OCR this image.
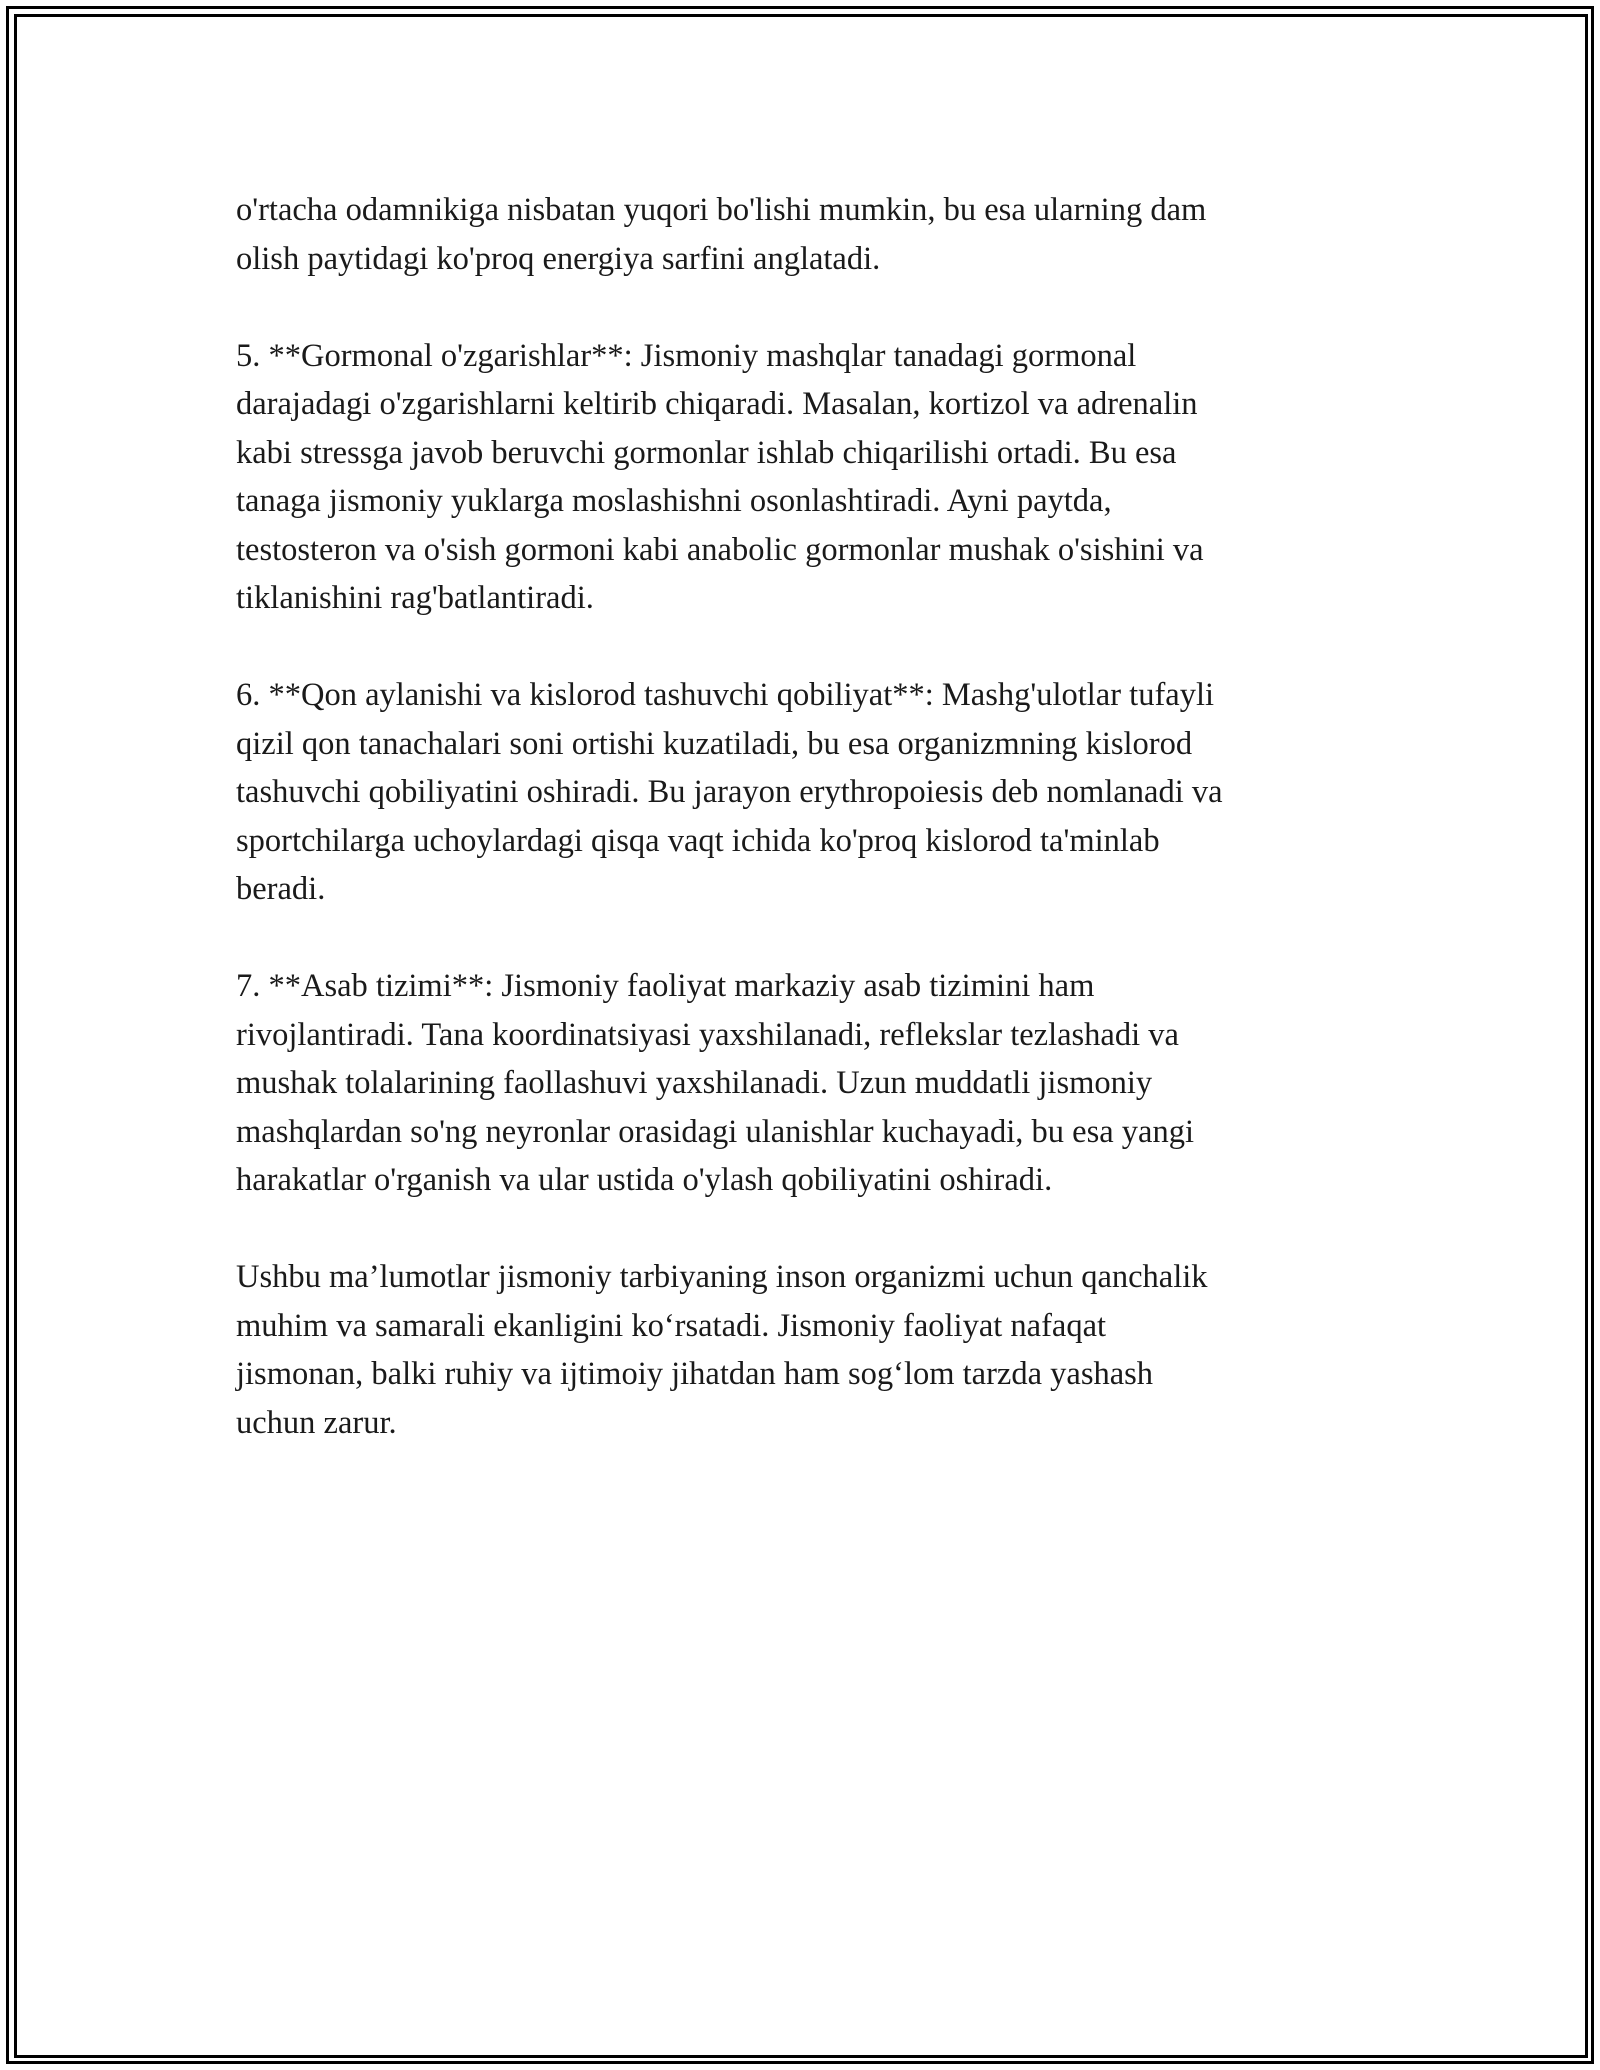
o'rtacha odamnikiga nisbatan yuqori bo'lishi mumkin, bu esa ularning dam
olish paytidagi ko'proq energiya sarfini anglatadi.

5. **Gormonal o'zgarishlar**: Jismoniy mashqlar tanadagi gormonal
darajadagi o'zgarishlarni keltirib chiqaradi. Masalan, kortizol va adrenalin
kabi stressga javob beruvchi gormonlar ishlab chiqarilishi ortadi. Bu esa
tanaga jismoniy yuklarga moslashishni osonlashtiradi. Ayni paytda,
testosteron va o'sish gormoni kabi anabolic gormonlar mushak o'sishini va
tiklanishini rag'batlantiradi.

6. **Qon aylanishi va kislorod tashuvchi qobiliyat**: Mashg'ulotlar tufayli
qizil qon tanachalari soni ortishi kuzatiladi, bu esa organizmning kislorod
tashuvchi qobiliyatini oshiradi. Bu jarayon erythropoiesis deb nomlanadi va
sportchilarga uchoylardagi qisqa vaqt ichida ko'proq kislorod ta'minlab
beradi.

7. **Asab tizimi**: Jismoniy faoliyat markaziy asab tizimini ham
rivojlantiradi. Tana koordinatsiyasi yaxshilanadi, reflekslar tezlashadi va
mushak tolalarining faollashuvi yaxshilanadi. Uzun muddatli jismoniy
mashqlardan so'ng neyronlar orasidagi ulanishlar kuchayadi, bu esa yangi
harakatlar o'rganish va ular ustida o'ylash qobiliyatini oshiradi.

Ushbu ma’lumotlar jismoniy tarbiyaning inson organizmi uchun qanchalik
muhim va samarali ekanligini ko‘rsatadi. Jismoniy faoliyat nafaqat
jismonan, balki ruhiy va ijtimoiy jihatdan ham sog‘lom tarzda yashash
uchun zarur.
